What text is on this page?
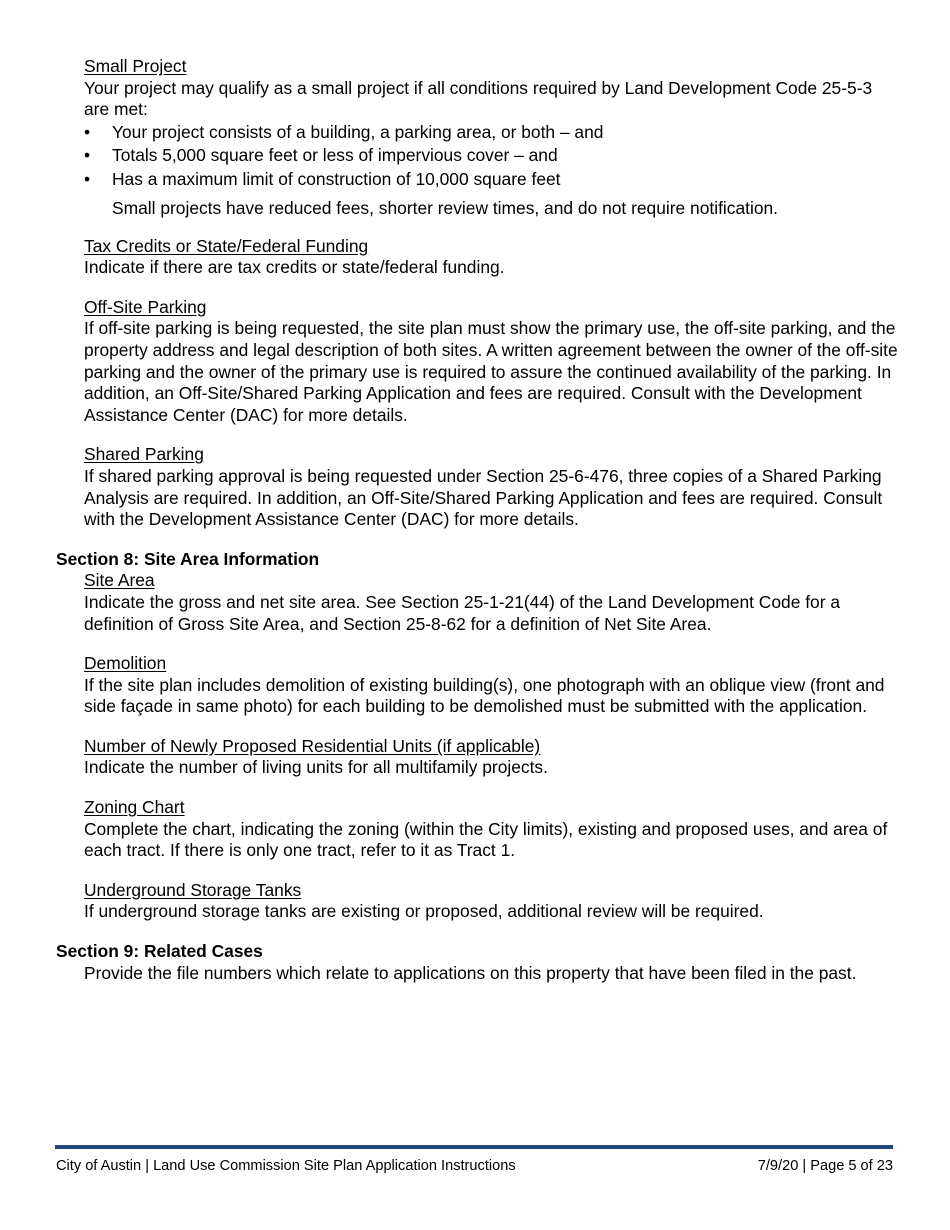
Small Project
Your project may qualify as a small project if all conditions required by Land Development Code 25-5-3 are met:
• Your project consists of a building, a parking area, or both – and
• Totals 5,000 square feet or less of impervious cover – and
• Has a maximum limit of construction of 10,000 square feet
Small projects have reduced fees, shorter review times, and do not require notification.
Tax Credits or State/Federal Funding
Indicate if there are tax credits or state/federal funding.
Off-Site Parking
If off-site parking is being requested, the site plan must show the primary use, the off-site parking, and the property address and legal description of both sites. A written agreement between the owner of the off-site parking and the owner of the primary use is required to assure the continued availability of the parking. In addition, an Off-Site/Shared Parking Application and fees are required. Consult with the Development Assistance Center (DAC) for more details.
Shared Parking
If shared parking approval is being requested under Section 25-6-476, three copies of a Shared Parking Analysis are required. In addition, an Off-Site/Shared Parking Application and fees are required. Consult with the Development Assistance Center (DAC) for more details.
Section 8: Site Area Information
Site Area
Indicate the gross and net site area. See Section 25-1-21(44) of the Land Development Code for a definition of Gross Site Area, and Section 25-8-62 for a definition of Net Site Area.
Demolition
If the site plan includes demolition of existing building(s), one photograph with an oblique view (front and side façade in same photo) for each building to be demolished must be submitted with the application.
Number of Newly Proposed Residential Units (if applicable)
Indicate the number of living units for all multifamily projects.
Zoning Chart
Complete the chart, indicating the zoning (within the City limits), existing and proposed uses, and area of each tract. If there is only one tract, refer to it as Tract 1.
Underground Storage Tanks
If underground storage tanks are existing or proposed, additional review will be required.
Section 9: Related Cases
Provide the file numbers which relate to applications on this property that have been filed in the past.
City of Austin | Land Use Commission Site Plan Application Instructions	7/9/20 | Page 5 of 23
